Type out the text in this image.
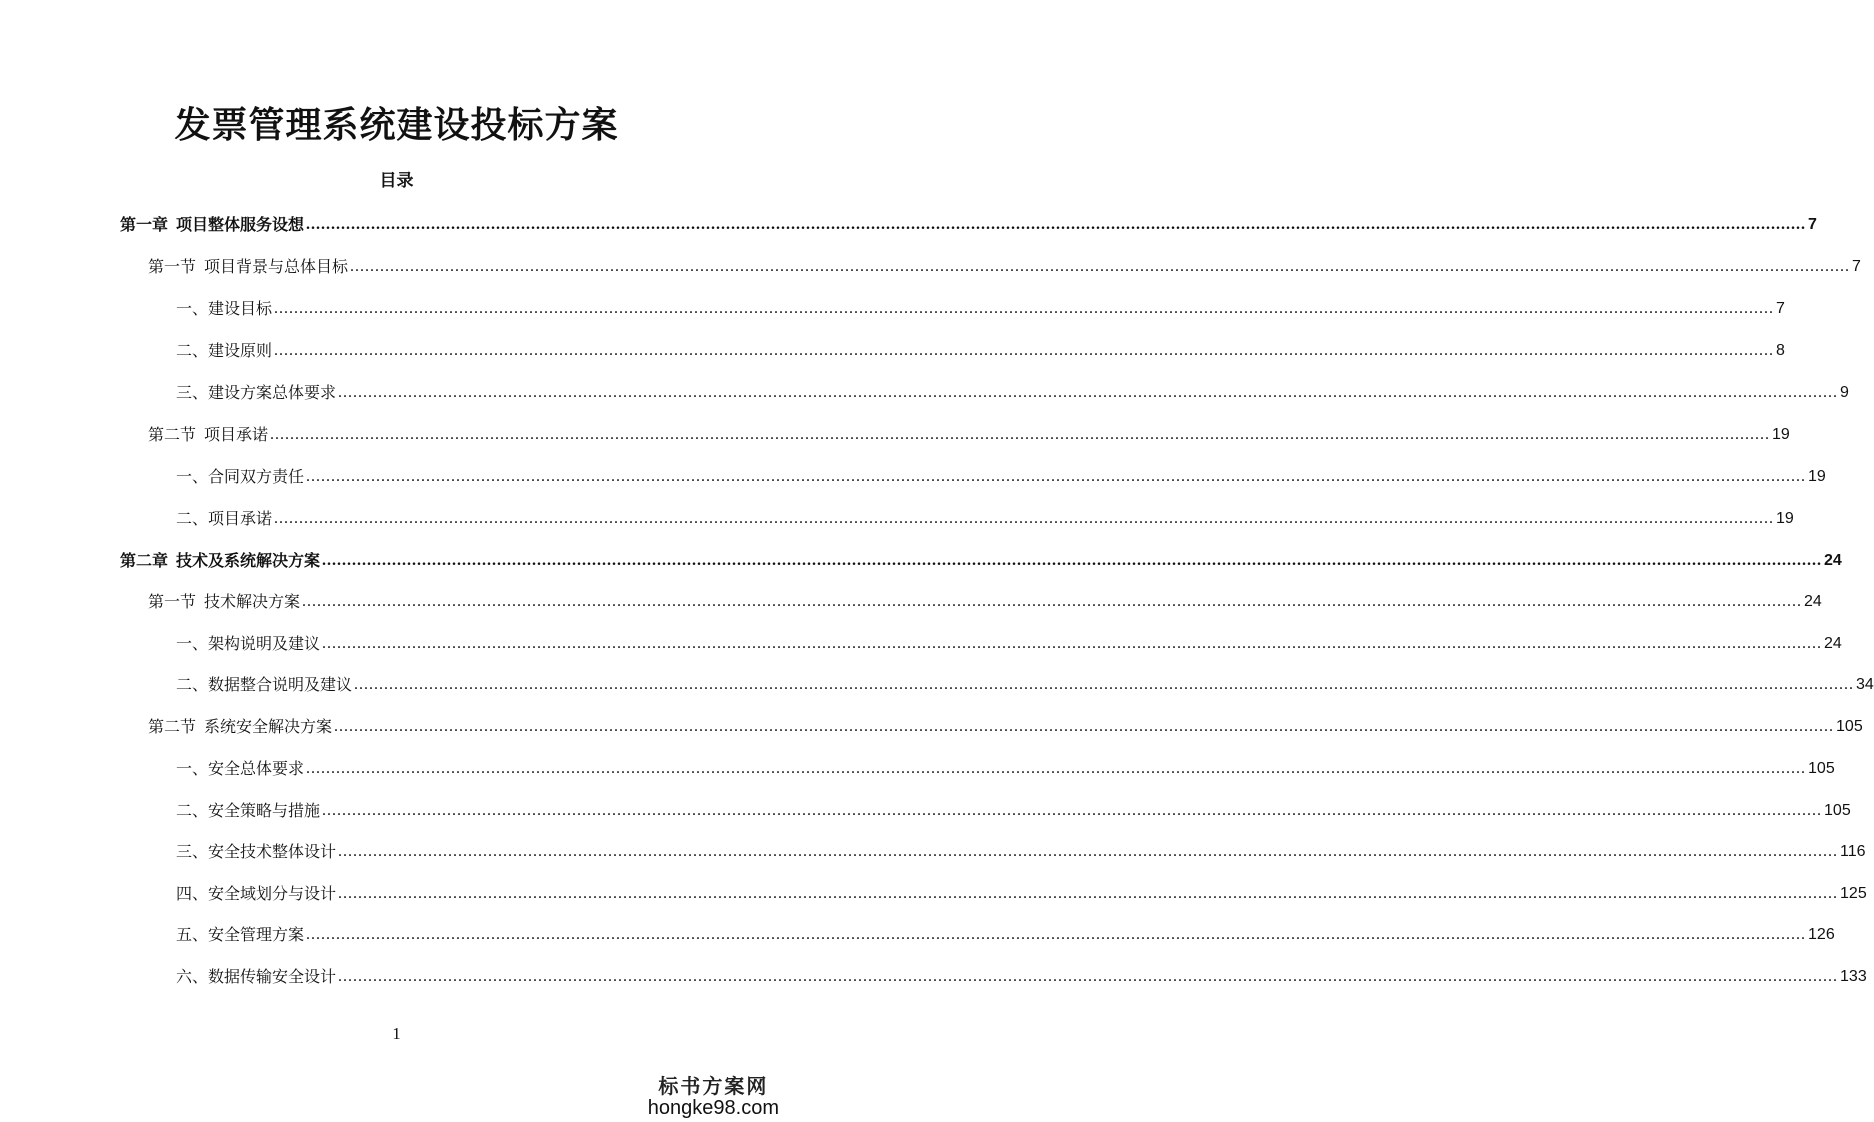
发票管理系统建设投标方案
目录
第一章 项目整体服务设想 ............................................................................................................................................................................................................................................................................................................ 7
第一节 项目背景与总体目标 ............................................................................................................................................................................................................................................................................................................ 7
一、建设目标 ............................................................................................................................................................................................................................................................................................................ 7
二、建设原则 ............................................................................................................................................................................................................................................................................................................ 8
三、建设方案总体要求 ............................................................................................................................................................................................................................................................................................................ 9
第二节 项目承诺 ............................................................................................................................................................................................................................................................................................................ 19
一、合同双方责任 ............................................................................................................................................................................................................................................................................................................ 19
二、项目承诺 ............................................................................................................................................................................................................................................................................................................ 19
第二章 技术及系统解决方案 ............................................................................................................................................................................................................................................................................................................ 24
第一节 技术解决方案 ............................................................................................................................................................................................................................................................................................................ 24
一、架构说明及建议 ............................................................................................................................................................................................................................................................................................................ 24
二、数据整合说明及建议 ............................................................................................................................................................................................................................................................................................................ 34
第二节 系统安全解决方案 ............................................................................................................................................................................................................................................................................................................ 105
一、安全总体要求 ............................................................................................................................................................................................................................................................................................................ 105
二、安全策略与措施 ............................................................................................................................................................................................................................................................................................................ 105
三、安全技术整体设计 ............................................................................................................................................................................................................................................................................................................ 116
四、安全域划分与设计 ............................................................................................................................................................................................................................................................................................................ 125
五、安全管理方案 ............................................................................................................................................................................................................................................................................................................ 126
六、数据传输安全设计 ............................................................................................................................................................................................................................................................................................................ 133
1
标书方案网
hongke98.com
